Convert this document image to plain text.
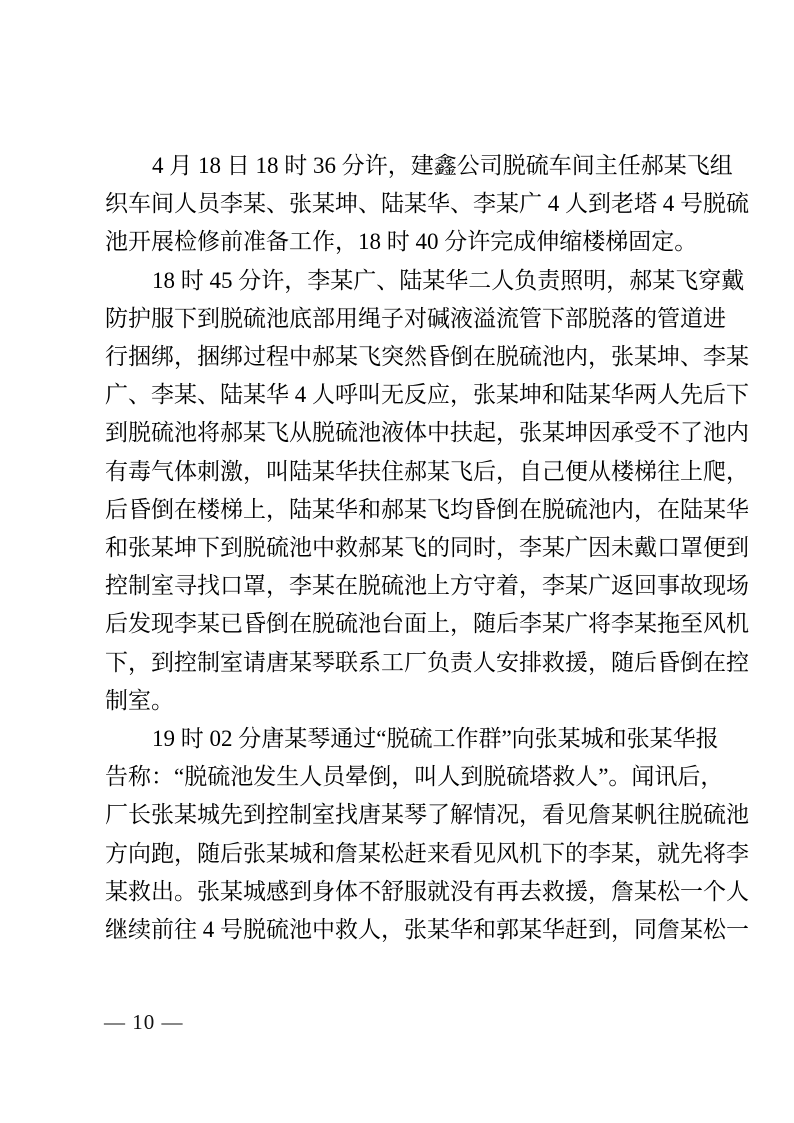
4 月 18 日 18 时 36 分许，建鑫公司脱硫车间主任郝某飞组
织车间人员李某、张某坤、陆某华、李某广 4 人到老塔 4 号脱硫
池开展检修前准备工作，18 时 40 分许完成伸缩楼梯固定。
18 时 45 分许，李某广、陆某华二人负责照明，郝某飞穿戴
防护服下到脱硫池底部用绳子对碱液溢流管下部脱落的管道进
行捆绑，捆绑过程中郝某飞突然昏倒在脱硫池内，张某坤、李某
广、李某、陆某华 4 人呼叫无反应，张某坤和陆某华两人先后下
到脱硫池将郝某飞从脱硫池液体中扶起，张某坤因承受不了池内
有毒气体刺激，叫陆某华扶住郝某飞后，自己便从楼梯往上爬，
后昏倒在楼梯上，陆某华和郝某飞均昏倒在脱硫池内，在陆某华
和张某坤下到脱硫池中救郝某飞的同时，李某广因未戴口罩便到
控制室寻找口罩，李某在脱硫池上方守着，李某广返回事故现场
后发现李某已昏倒在脱硫池台面上，随后李某广将李某拖至风机
下，到控制室请唐某琴联系工厂负责人安排救援，随后昏倒在控
制室。
19 时 02 分唐某琴通过“脱硫工作群”向张某城和张某华报
告称：“脱硫池发生人员晕倒，叫人到脱硫塔救人”。闻讯后，
厂长张某城先到控制室找唐某琴了解情况，看见詹某帆往脱硫池
方向跑，随后张某城和詹某松赶来看见风机下的李某，就先将李
某救出。张某城感到身体不舒服就没有再去救援，詹某松一个人
继续前往 4 号脱硫池中救人，张某华和郭某华赶到，同詹某松一
— 10 —
